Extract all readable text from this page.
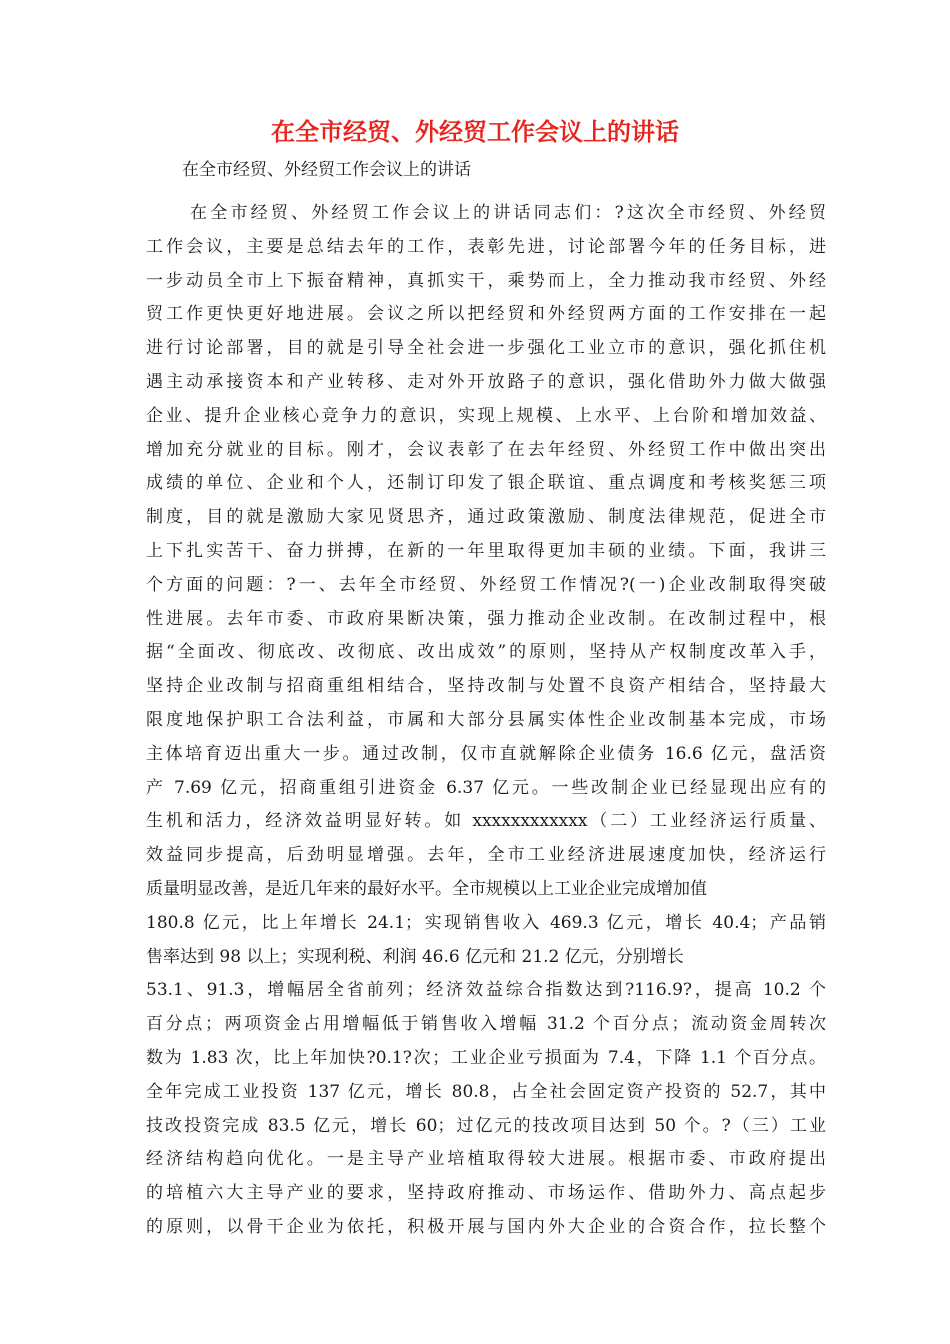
在全市经贸、外经贸工作会议上的讲话
在全市经贸、外经贸工作会议上的讲话
在全市经贸、外经贸工作会议上的讲话同志们：?这次全市经贸、外经贸
工作会议，主要是总结去年的工作，表彰先进，讨论部署今年的任务目标，进
一步动员全市上下振奋精神，真抓实干，乘势而上，全力推动我市经贸、外经
贸工作更快更好地进展。会议之所以把经贸和外经贸两方面的工作安排在一起
进行讨论部署，目的就是引导全社会进一步强化工业立市的意识，强化抓住机
遇主动承接资本和产业转移、走对外开放路子的意识，强化借助外力做大做强
企业、提升企业核心竞争力的意识，实现上规模、上水平、上台阶和增加效益、
增加充分就业的目标。刚才，会议表彰了在去年经贸、外经贸工作中做出突出
成绩的单位、企业和个人，还制订印发了银企联谊、重点调度和考核奖惩三项
制度，目的就是激励大家见贤思齐，通过政策激励、制度法律规范，促进全市
上下扎实苦干、奋力拼搏，在新的一年里取得更加丰硕的业绩。下面，我讲三
个方面的问题：?一、去年全市经贸、外经贸工作情况?(一)企业改制取得突破
性进展。去年市委、市政府果断决策，强力推动企业改制。在改制过程中，根
据“全面改、彻底改、改彻底、改出成效”的原则，坚持从产权制度改革入手，
坚持企业改制与招商重组相结合，坚持改制与处置不良资产相结合，坚持最大
限度地保护职工合法利益，市属和大部分县属实体性企业改制基本完成，市场
主体培育迈出重大一步。通过改制，仅市直就解除企业债务 16.6 亿元，盘活资
产 7.69 亿元，招商重组引进资金 6.37 亿元。一些改制企业已经显现出应有的
生机和活力，经济效益明显好转。如 xxxxxxxxxxxx（二）工业经济运行质量、
效益同步提高，后劲明显增强。去年，全市工业经济进展速度加快，经济运行
质量明显改善，是近几年来的最好水平。全市规模以上工业企业完成增加值
180.8 亿元，比上年增长 24.1；实现销售收入 469.3 亿元，增长 40.4；产品销
售率达到 98 以上；实现利税、利润 46.6 亿元和 21.2 亿元，分别增长
53.1、91.3，增幅居全省前列；经济效益综合指数达到?116.9?，提高 10.2 个
百分点；两项资金占用增幅低于销售收入增幅 31.2 个百分点；流动资金周转次
数为 1.83 次，比上年加快?0.1?次；工业企业亏损面为 7.4，下降 1.1 个百分点。
全年完成工业投资 137 亿元，增长 80.8，占全社会固定资产投资的 52.7，其中
技改投资完成 83.5 亿元，增长 60；过亿元的技改项目达到 50 个。?（三）工业
经济结构趋向优化。一是主导产业培植取得较大进展。根据市委、市政府提出
的培植六大主导产业的要求，坚持政府推动、市场运作、借助外力、高点起步
的原则，以骨干企业为依托，积极开展与国内外大企业的合资合作，拉长整个
